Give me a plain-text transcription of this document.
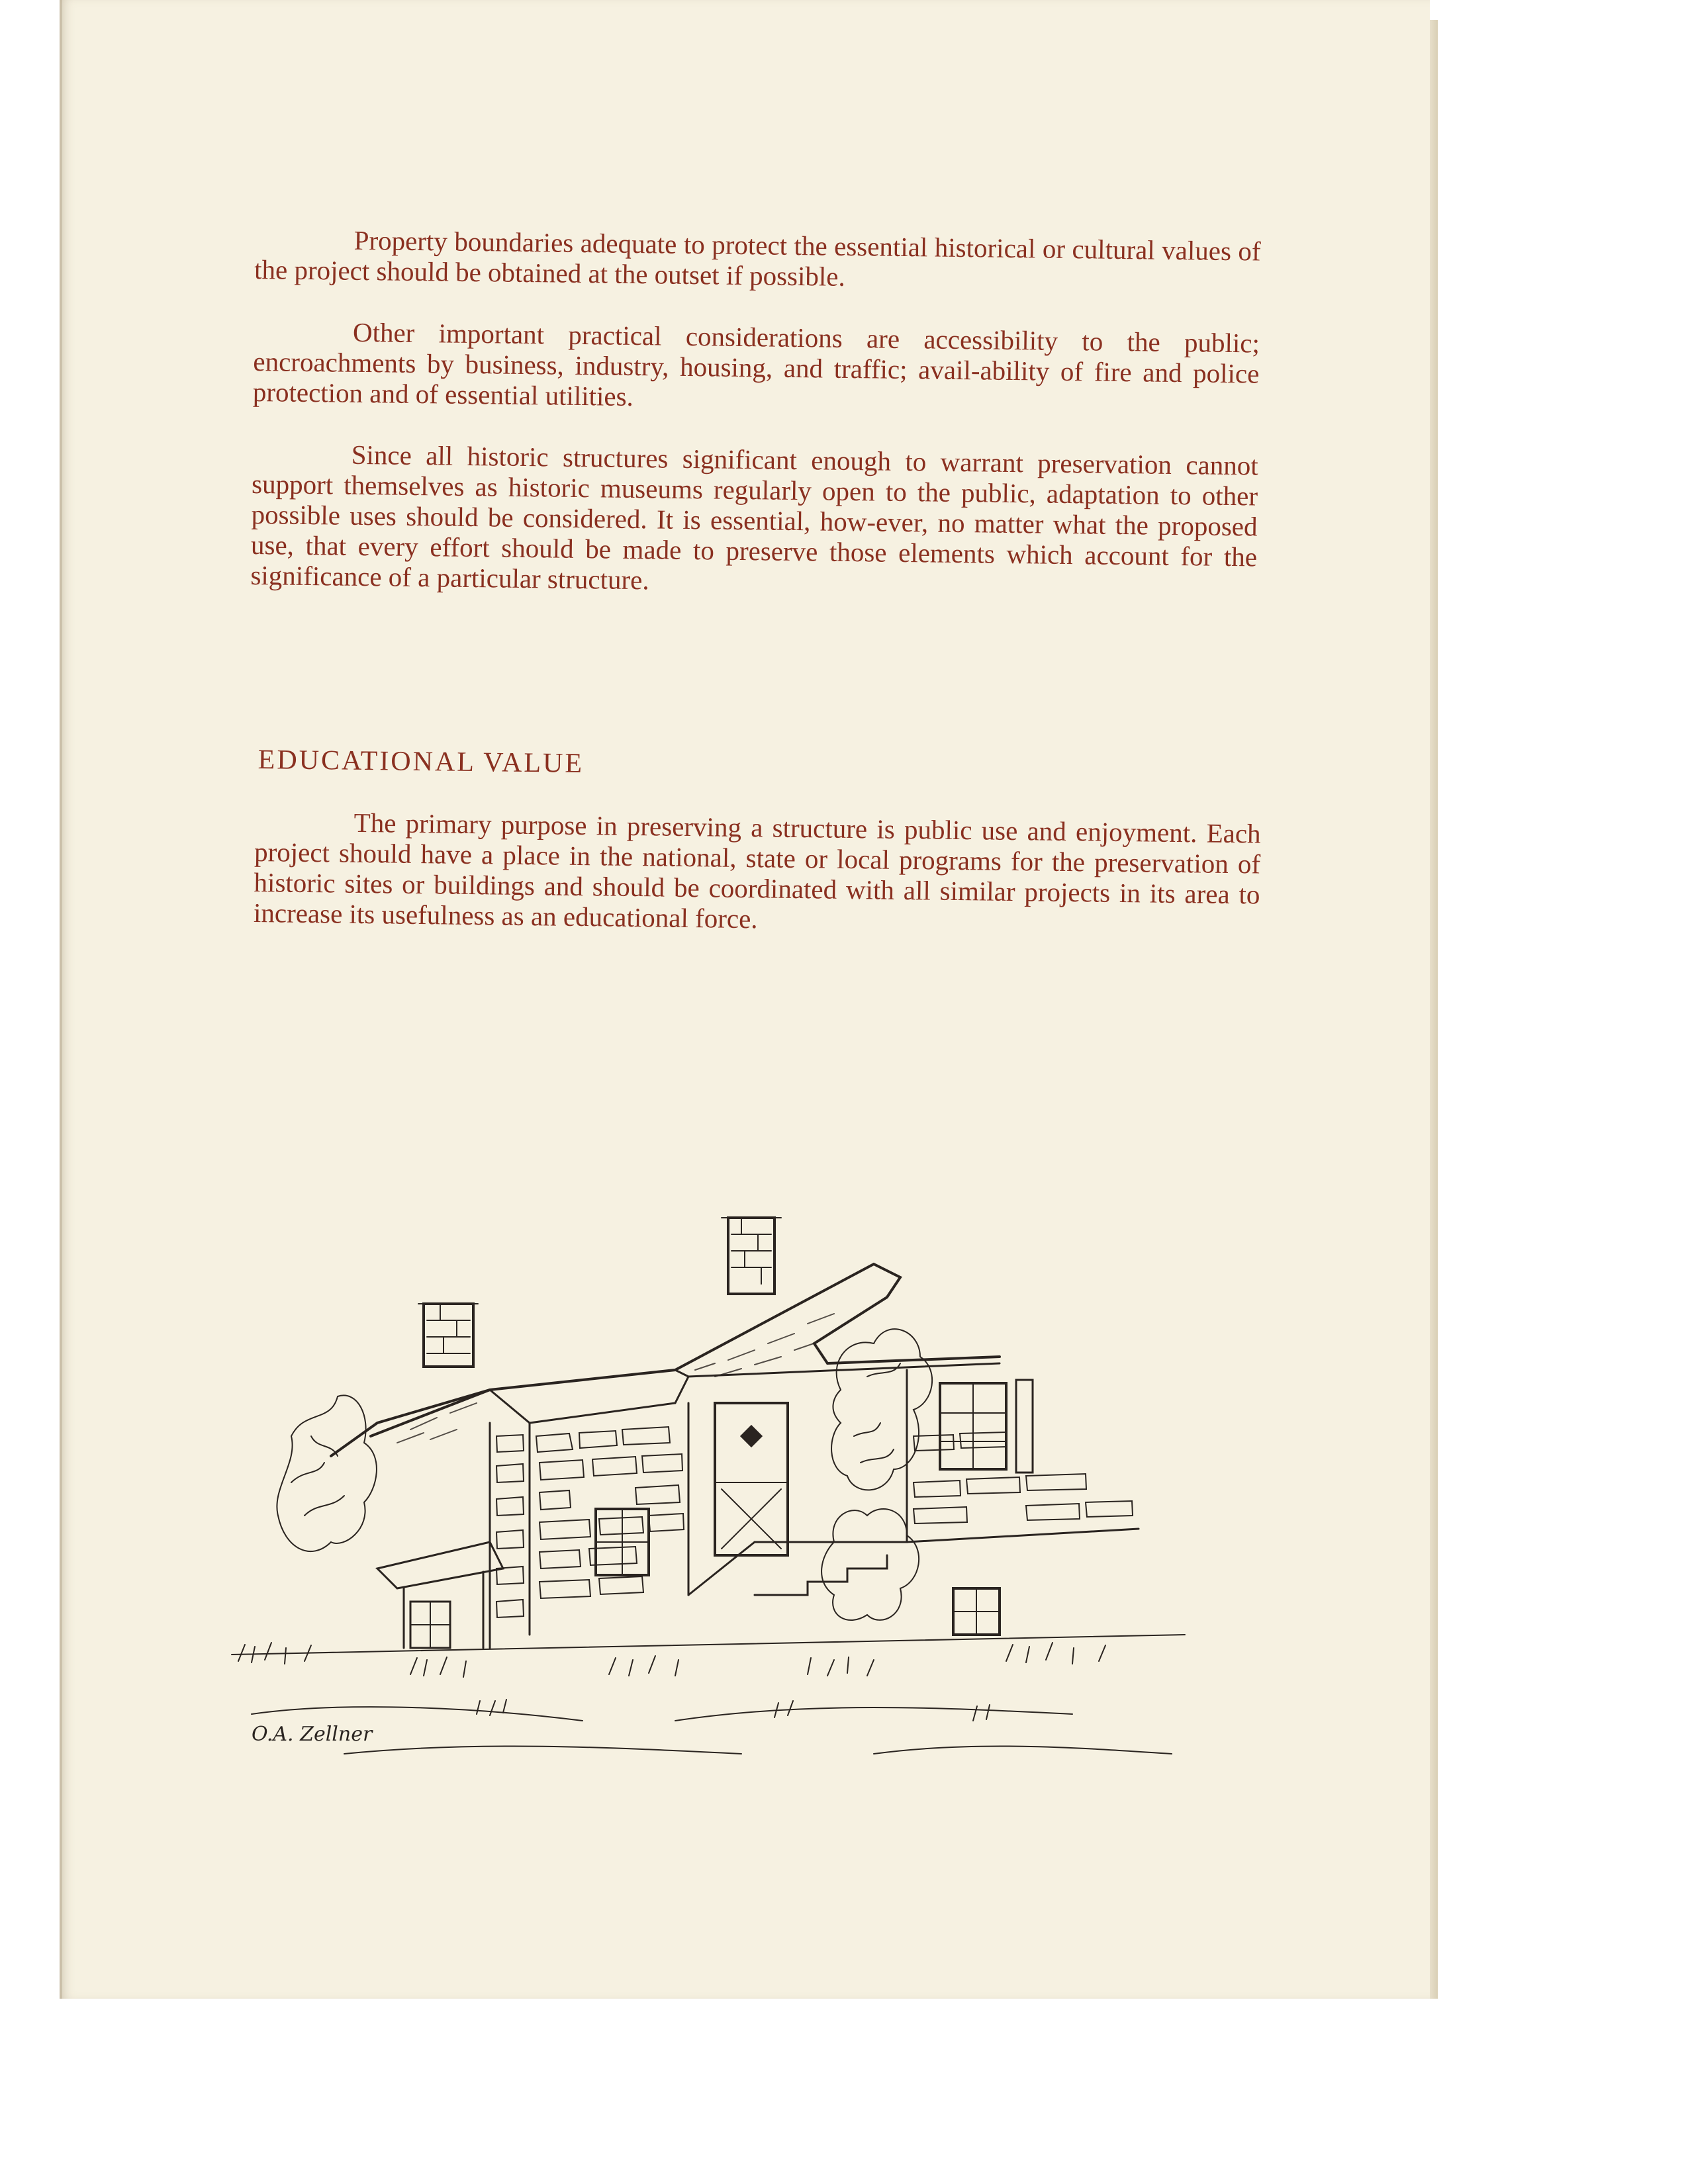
Property boundaries adequate to protect the essential historical or cultural values of the project should be obtained at the outset if possible.

Other important practical considerations are accessibility to the public; encroachments by business, industry, housing, and traffic; avail-ability of fire and police protection and of essential utilities.

Since all historic structures significant enough to warrant preservation cannot support themselves as historic museums regularly open to the public, adaptation to other possible uses should be considered. It is essential, how-ever, no matter what the proposed use, that every effort should be made to preserve those elements which account for the significance of a particular structure.

EDUCATIONAL VALUE

The primary purpose in preserving a structure is public use and enjoyment. Each project should have a place in the national, state or local programs for the preservation of historic sites or buildings and should be coordinated with all similar projects in its area to increase its usefulness as an educational force.

O.A. Zellner
